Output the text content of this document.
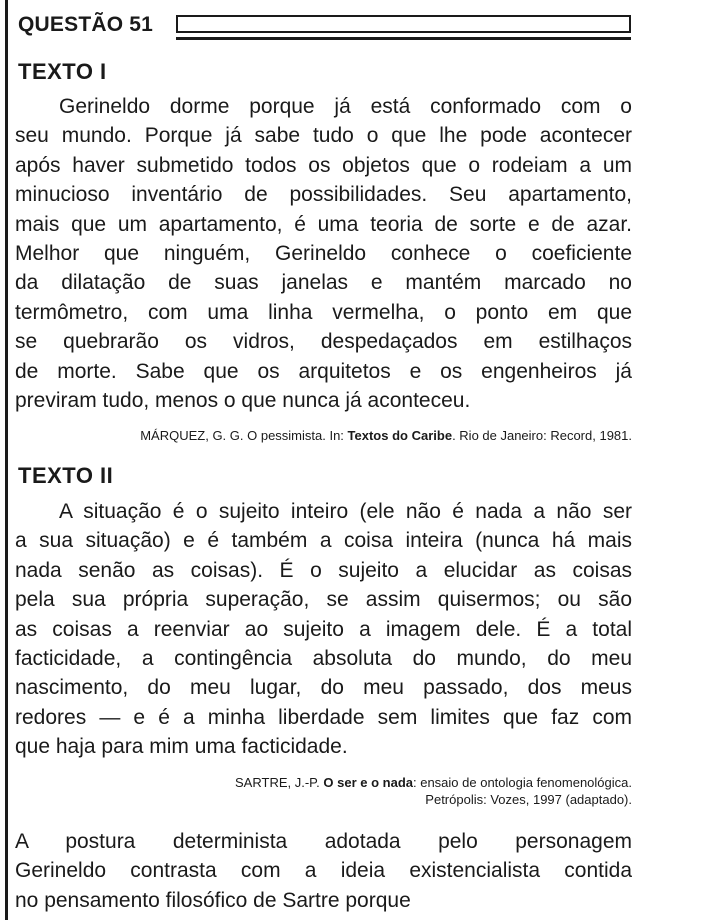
QUESTÃO 51
TEXTO I
Gerineldo dorme porque já está conformado com o
seu mundo. Porque já sabe tudo o que lhe pode acontecer
após haver submetido todos os objetos que o rodeiam a um
minucioso inventário de possibilidades. Seu apartamento,
mais que um apartamento, é uma teoria de sorte e de azar.
Melhor que ninguém, Gerineldo conhece o coeficiente
da dilatação de suas janelas e mantém marcado no
termômetro, com uma linha vermelha, o ponto em que
se quebrarão os vidros, despedaçados em estilhaços
de morte. Sabe que os arquitetos e os engenheiros já
previram tudo, menos o que nunca já aconteceu.
MÁRQUEZ, G. G. O pessimista. In: Textos do Caribe. Rio de Janeiro: Record, 1981.
TEXTO II
A situação é o sujeito inteiro (ele não é nada a não ser
a sua situação) e é também a coisa inteira (nunca há mais
nada senão as coisas). É o sujeito a elucidar as coisas
pela sua própria superação, se assim quisermos; ou são
as coisas a reenviar ao sujeito a imagem dele. É a total
facticidade, a contingência absoluta do mundo, do meu
nascimento, do meu lugar, do meu passado, dos meus
redores — e é a minha liberdade sem limites que faz com
que haja para mim uma facticidade.
SARTRE, J.-P. O ser e o nada: ensaio de ontologia fenomenológica.
Petrópolis: Vozes, 1997 (adaptado).
A postura determinista adotada pelo personagem
Gerineldo contrasta com a ideia existencialista contida
no pensamento filosófico de Sartre porque
